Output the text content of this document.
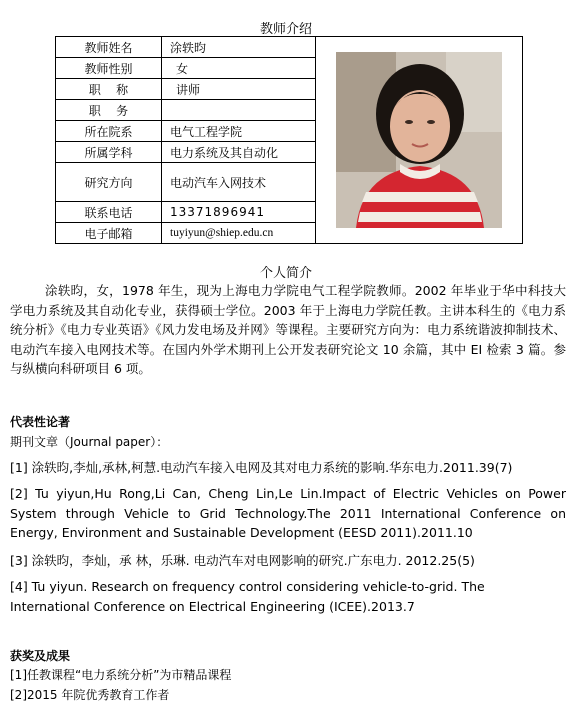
教师介绍
教师姓名	涂轶昀	

教师性别	女	
职    称	讲师	
职    务		
所在院系	电气工程学院	
所属学科	电力系统及其自动化	
研究方向	电动汽车入网技术	
联系电话	13371896941	
电子邮箱	tuyiyun@shiep.edu.cn	
个人简介
涂轶昀，女，1978 年生，现为上海电力学院电气工程学院教师。2002 年毕业于华中科技大学电力系统及其自动化专业，获得硕士学位。2003 年于上海电力学院任教。主讲本科生的《电力系统分析》《电力专业英语》《风力发电场及并网》等课程。主要研究方向为：电力系统谐波抑制技术、电动汽车接入电网技术等。在国内外学术期刊上公开发表研究论文 10 余篇，其中 EI 检索 3 篇。参与纵横向科研项目 6 项。
代表性论著
期刊文章（Journal paper）：
[1] 涂轶昀,李灿,承林,柯慧.电动汽车接入电网及其对电力系统的影响.华东电力.2011.39(7)
[2] Tu yiyun,Hu Rong,Li Can, Cheng Lin,Le Lin.Impact of Electric Vehicles on Power System through Vehicle to Grid Technology.The 2011 International Conference on Energy, Environment and Sustainable Development (EESD 2011).2011.10
[3] 涂轶昀，李灿，承 林，乐琳. 电动汽车对电网影响的研究.广东电力. 2012.25(5)
[4] Tu yiyun. Research on frequency control considering vehicle-to-grid. The International Conference on Electrical Engineering (ICEE).2013.7
获奖及成果
[1]任教课程“电力系统分析”为市精品课程
[2]2015 年院优秀教育工作者
